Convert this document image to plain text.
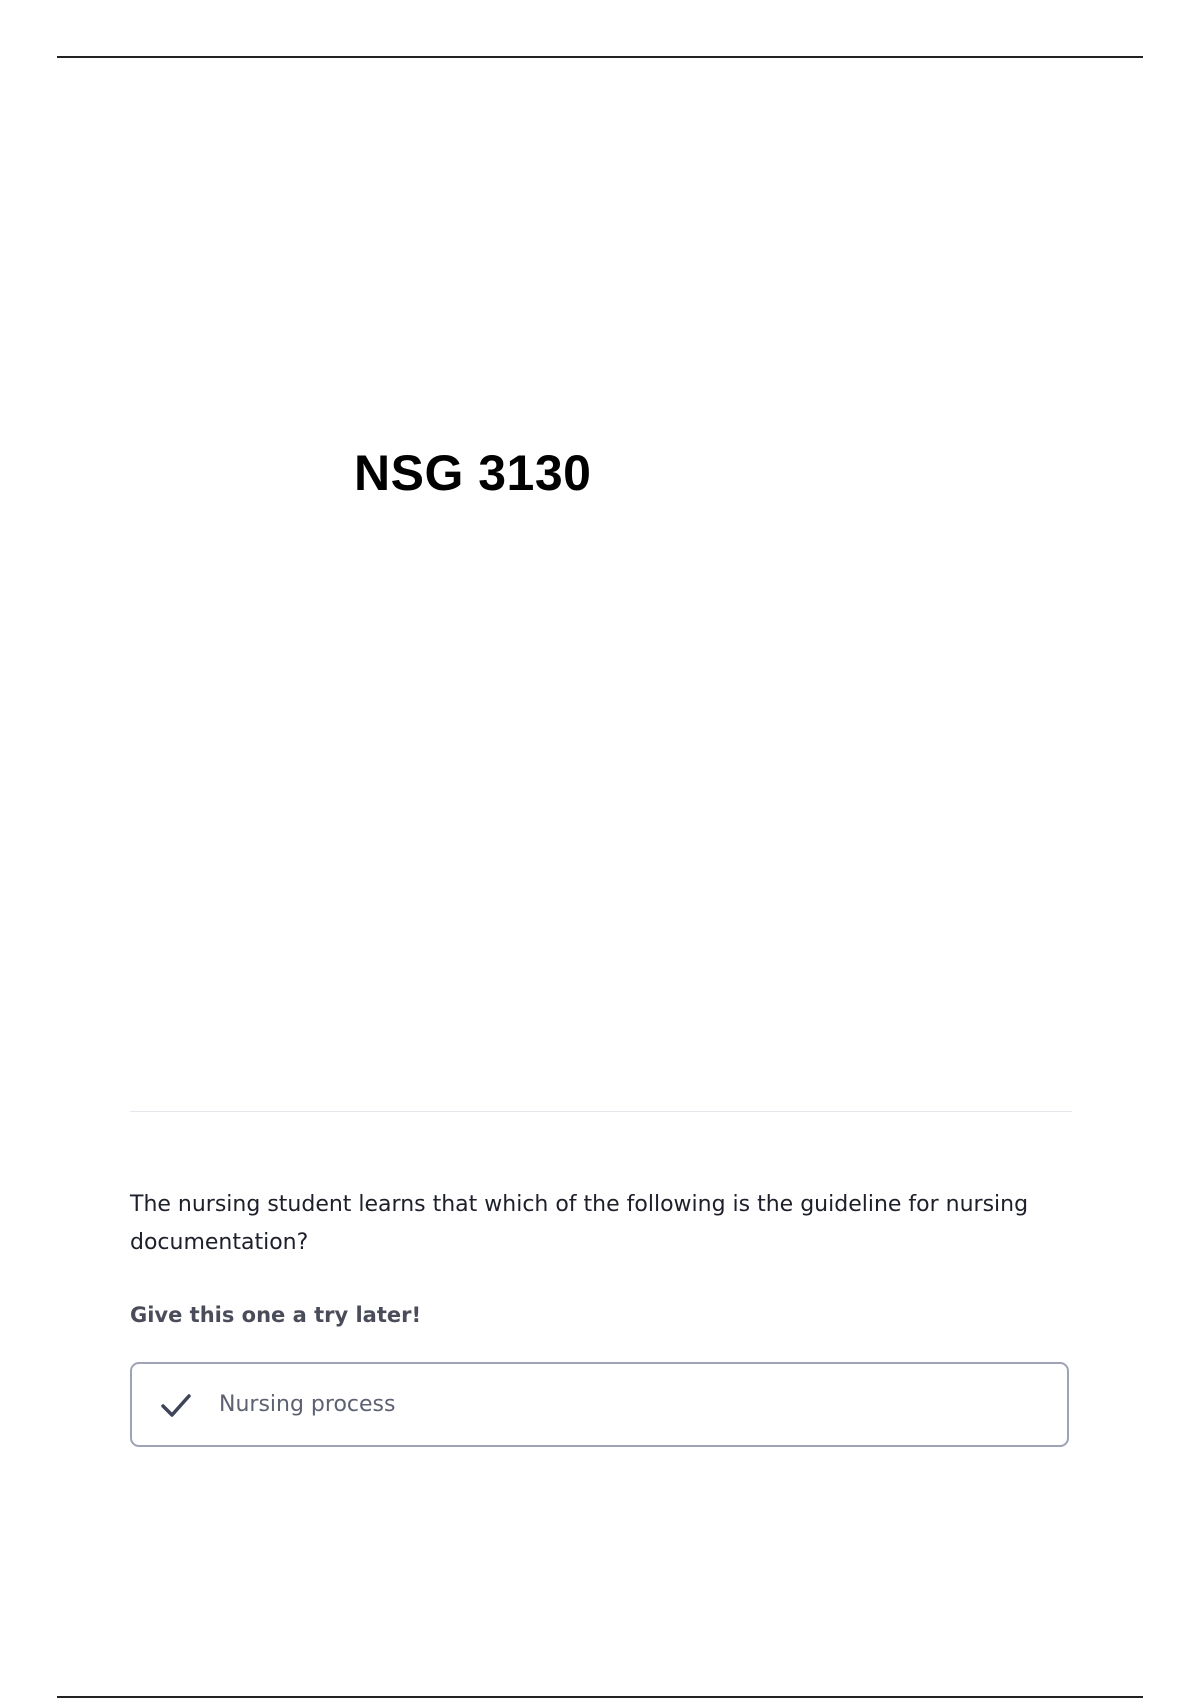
NSG 3130
The nursing student learns that which of the following is the guideline for nursing documentation?
Give this one a try later!
Nursing process
